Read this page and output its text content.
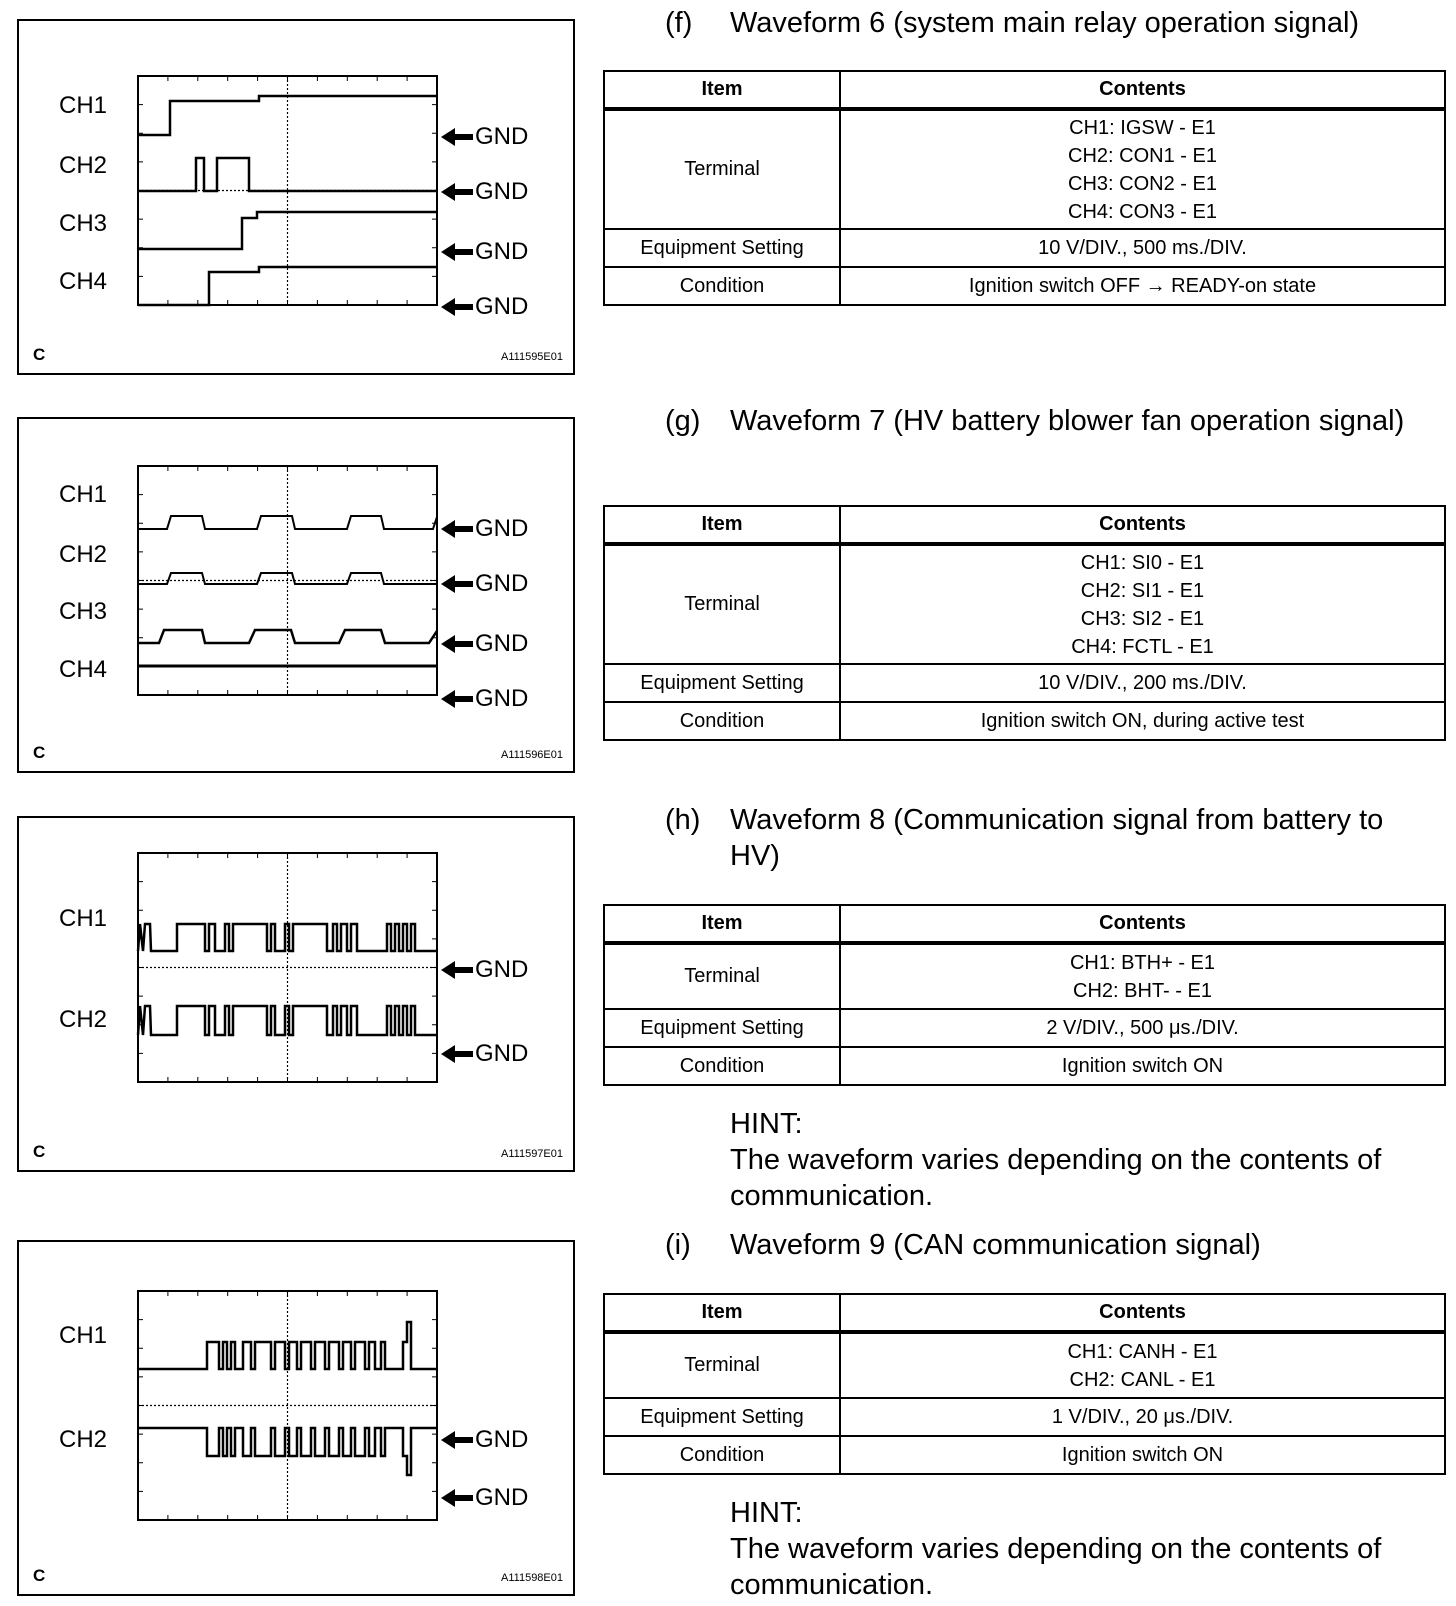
CH1
CH2
CH3
CH4
GND
GND
GND
GND
C	A111595E01
CH1
CH2
CH3
CH4
GND
GND
GND
GND
C	A111596E01
CH1
CH2
GND
GND
C	A111597E01
CH1
CH2	GND
GND
C	A111598E01
(f) Waveform 6 (system main relay operation signal)
Item	Contents
Terminal	CH1: IGSW - E1
CH2: CON1 - E1
CH3: CON2 - E1
CH4: CON3 - E1

Equipment Setting	10 V/DIV., 500 ms./DIV.
Condition	Ignition switch OFF → READY-on state
(g) Waveform 7 (HV battery blower fan operation signal)
Item	Contents
Terminal	CH1: SI0 - E1
CH2: SI1 - E1
CH3: SI2 - E1
CH4: FCTL - E1

Equipment Setting	10 V/DIV., 200 ms./DIV.
Condition	Ignition switch ON, during active test
(h) Waveform 8 (Communication signal from battery to HV)
Item	Contents
Terminal	CH1: BTH+ - E1
CH2: BHT- - E1

Equipment Setting	2 V/DIV., 500 μs./DIV.
Condition	Ignition switch ON
HINT:
The waveform varies depending on the contents of communication.
(i) Waveform 9 (CAN communication signal)
Item	Contents
Terminal	CH1: CANH - E1
CH2: CANL - E1

Equipment Setting	1 V/DIV., 20 μs./DIV.
Condition	Ignition switch ON
HINT:
The waveform varies depending on the contents of communication.
